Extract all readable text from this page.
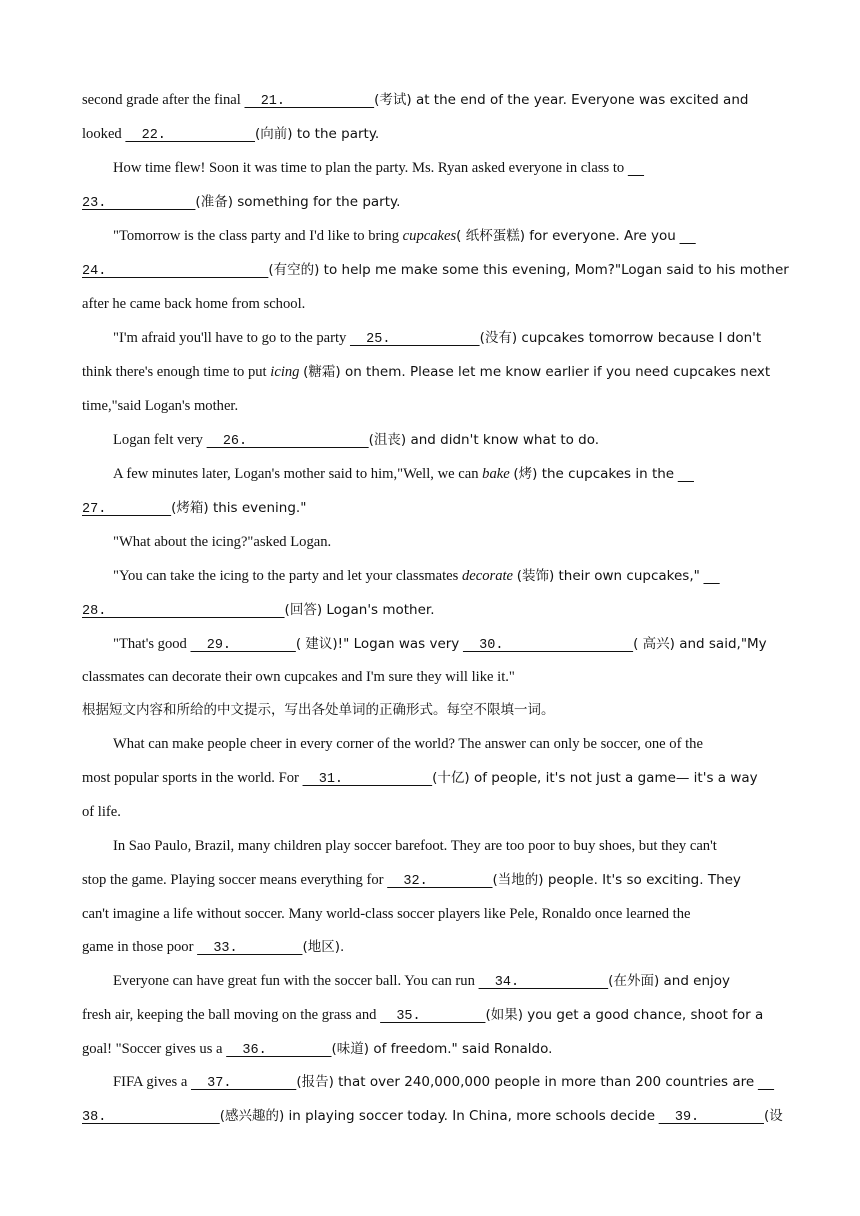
second grade after the final   21.           (考试) at the end of the year. Everyone was excited and
looked   22.           (向前) to the party.
How time flew! Soon it was time to plan the party. Ms. Ryan asked everyone in class to
23.           (准备) something for the party.
"Tomorrow is the class party and I'd like to bring cupcakes( 纸杯蛋糕) for everyone. Are you
24.                    (有空的) to help me make some this evening, Mom?"Logan said to his mother
after he came back home from school.
"I'm afraid you'll have to go to the party   25.           (没有) cupcakes tomorrow because I don't
think there's enough time to put icing (糖霜) on them. Please let me know earlier if you need cupcakes next
time,"said Logan's mother.
Logan felt very   26.               (沮丧) and didn't know what to do.
A few minutes later, Logan's mother said to him,"Well, we can bake (烤) the cupcakes in the
27.        (烤箱) this evening."
"What about the icing?"asked Logan.
"You can take the icing to the party and let your classmates decorate (装饰) their own cupcakes,"
28.                      (回答) Logan's mother.
"That's good   29.        ( 建议)!" Logan was very   30.                ( 高兴) and said,"My
classmates can decorate their own cupcakes and I'm sure they will like it."
根据短文内容和所给的中文提示，写出各处单词的正确形式。每空不限填一词。
What can make people cheer in every corner of the world? The answer can only be soccer, one of the
most popular sports in the world. For   31.           (十亿) of people, it's not just a game— it's a way
of life.
In Sao Paulo, Brazil, many children play soccer barefoot. They are too poor to buy shoes, but they can't
stop the game. Playing soccer means everything for   32.        (当地的) people. It's so exciting. They
can't imagine a life without soccer. Many world-class soccer players like Pele, Ronaldo once learned the
game in those poor   33.        (地区).
Everyone can have great fun with the soccer ball. You can run   34.           (在外面) and enjoy
fresh air, keeping the ball moving on the grass and   35.        (如果) you get a good chance, shoot for a
goal! "Soccer gives us a   36.        (味道) of freedom." said Ronaldo.
FIFA gives a   37.        (报告) that over 240,000,000 people in more than 200 countries are
38.              (感兴趣的) in playing soccer today. In China, more schools decide   39.        (设
